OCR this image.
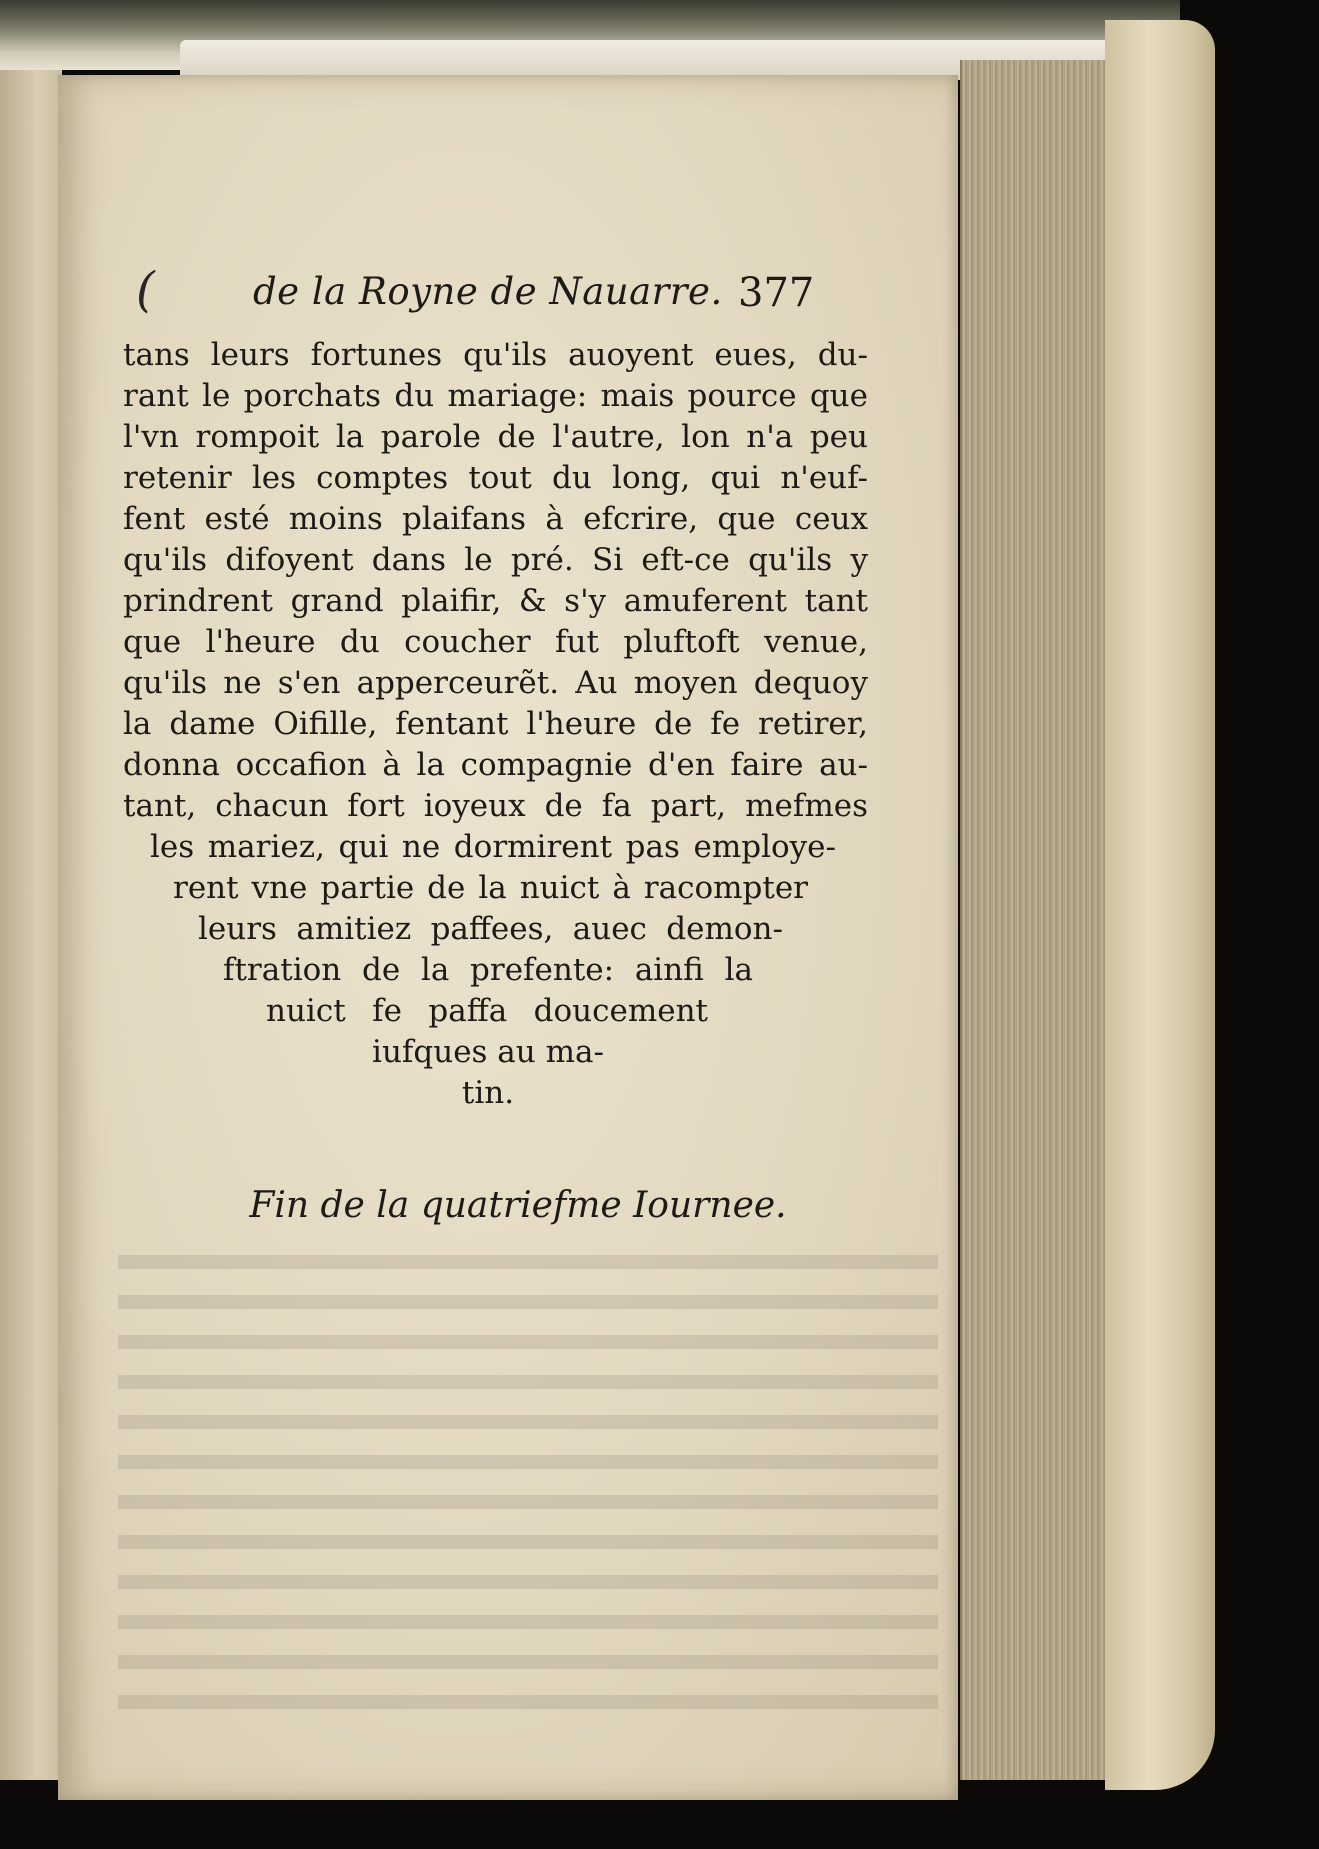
(	de la Royne de Nauarre. 377
tans leurs fortunes qu'ils auoyent eues, du-
rant le porchats du mariage: mais pource que
l'vn rompoit la parole de l'autre, lon n'a peu
retenir les comptes tout du long, qui n'euf-
fent esté moins plaifans à efcrire, que ceux
qu'ils difoyent dans le pré. Si eft-ce qu'ils y
prindrent grand plaifir, & s'y amuferent tant
que l'heure du coucher fut pluftoft venue,
qu'ils ne s'en apperceurẽt. Au moyen dequoy
la dame Oifille, fentant l'heure de fe retirer,
donna occafion à la compagnie d'en faire au-
tant, chacun fort ioyeux de fa part, mefmes
les mariez, qui ne dormirent pas employe-
rent vne partie de la nuict à racompter
leurs amitiez paffees, auec demon-
ftration de la prefente: ainfi la
nuict fe paffa doucement
iufques au ma-
tin.
Fin de la quatriefme Iournee.
